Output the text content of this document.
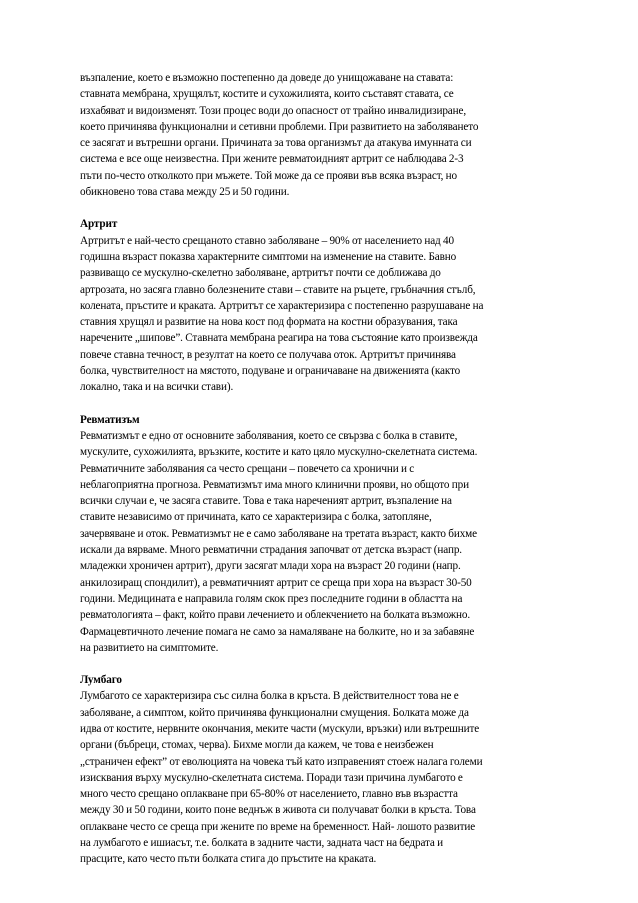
възпаление, което е възможно постепенно да доведе до унищожаване на ставата:
ставната мембрана, хрущялът, костите и сухожилията, които съставят ставата, се
изхабяват и видоизменят. Този процес води до опасност от трайно инвалидизиране,
което причинява функционални и сетивни проблеми. При развитието на заболяването
се засягат и вътрешни органи. Причината за това организмът да атакува имунната си
система е все още неизвестна. При жените ревматоидният артрит се наблюдава 2-3
пъти по-често отколкото при мъжете. Той може да се прояви във всяка възраст, но
обикновено това става между 25 и 50 години.

Артрит

Артритът е най-често срещаното ставно заболяване – 90% от населението над 40
годишна възраст показва характерните симптоми на изменение на ставите. Бавно
развиващо се мускулно-скелетно заболяване, артритът почти се доближава до
артрозата, но засяга главно болезнените стави – ставите на ръцете, гръбначния стълб,
колената, пръстите и краката. Артритът се характеризира с постепенно разрушаване на
ставния хрущял и развитие на нова кост под формата на костни образувания, така
наречените „шипове”. Ставната мембрана реагира на това състояние като произвежда
повече ставна течност, в резултат на което се получава оток. Артритът причинява
болка, чувствителност на мястото, подуване и ограничаване на движенията (както
локално, така и на всички стави).

Ревматизъм

Ревматизмът е едно от основните заболявания, което се свързва с болка в ставите,
мускулите, сухожилията, връзките, костите и като цяло мускулно-скелетната система.
Ревматичните заболявания са често срещани – повечето са хронични и с
неблагоприятна прогноза. Ревматизмът има много клинични прояви, но общото при
всички случаи е, че засяга ставите. Това е така нареченият артрит, възпаление на
ставите независимо от причината, като се характеризира с болка, затопляне,
зачервяване и оток. Ревматизмът не е само заболяване на третата възраст, както бихме
искали да вярваме. Много ревматични страдания започват от детска възраст (напр.
младежки хроничен артрит), други засягат млади хора на възраст 20 години (напр.
анкилозиращ спондилит), а ревматичният артрит се среща при хора на възраст 30-50
години. Медицината е направила голям скок през последните години в областта на
ревматологията – факт, който прави лечението и облекчението на болката възможно.
Фармацевтичното лечение помага не само за намаляване на болките, но и за забавяне
на развитието на симптомите.

Лумбаго

Лумбагото се характеризира със силна болка в кръста. В действителност това не е
заболяване, а симптом, който причинява функционални смущения. Болката може да
идва от костите, нервните окончания, меките части (мускули, връзки) или вътрешните
органи (бъбреци, стомах, черва). Бихме могли да кажем, че това е неизбежен
„страничен ефект” от еволюцията на човека тъй като изправеният стоеж налага големи
изисквания върху мускулно-скелетната система. Поради тази причина лумбагото е
много често срещано оплакване при 65-80% от населението, главно във възрастта
между 30 и 50 години, които поне веднъж в живота си получават болки в кръста. Това
оплакване често се среща при жените по време на бременност. Най- лошото развитие
на лумбагото е ишиасът, т.е. болката в задните части, задната част на бедрата и
прасците, като често пъти болката стига до пръстите на краката.
